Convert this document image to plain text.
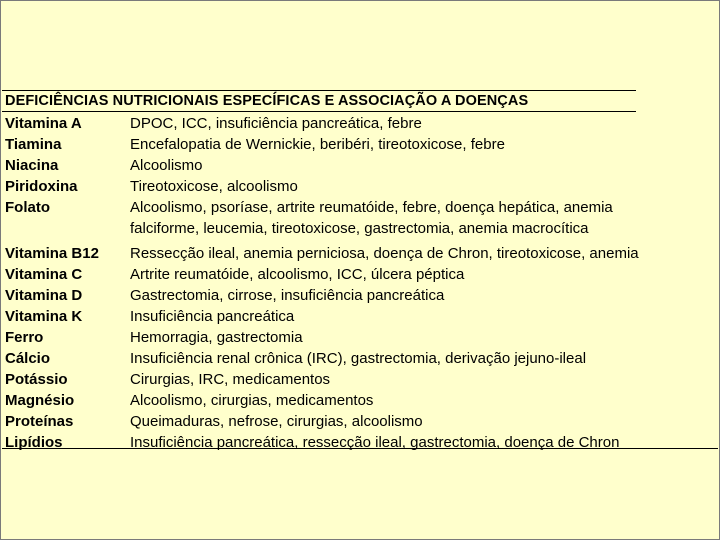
DEFICIÊNCIAS NUTRICIONAIS ESPECÍFICAS E ASSOCIAÇÃO A DOENÇAS
Vitamina A	DPOC, ICC, insuficiência pancreática, febre
Tiamina	Encefalopatia de Wernickie, beribéri, tireotoxicose, febre
Niacina	Alcoolismo
Piridoxina	Tireotoxicose, alcoolismo
Folato	Alcoolismo, psoríase, artrite reumatóide, febre, doença hepática, anemia
falciforme, leucemia, tireotoxicose, gastrectomia, anemia macrocítica
Vitamina B12	Ressecção ileal, anemia perniciosa, doença de Chron, tireotoxicose, anemia
Vitamina C	Artrite reumatóide, alcoolismo, ICC, úlcera péptica
Vitamina D	Gastrectomia, cirrose, insuficiência pancreática
Vitamina K	Insuficiência pancreática
Ferro	Hemorragia, gastrectomia
Cálcio	Insuficiência renal crônica (IRC), gastrectomia, derivação jejuno-ileal
Potássio	Cirurgias, IRC, medicamentos
Magnésio	Alcoolismo, cirurgias, medicamentos
Proteínas	Queimaduras, nefrose, cirurgias, alcoolismo
Lipídios	Insuficiência pancreática, ressecção ileal, gastrectomia, doença de Chron
